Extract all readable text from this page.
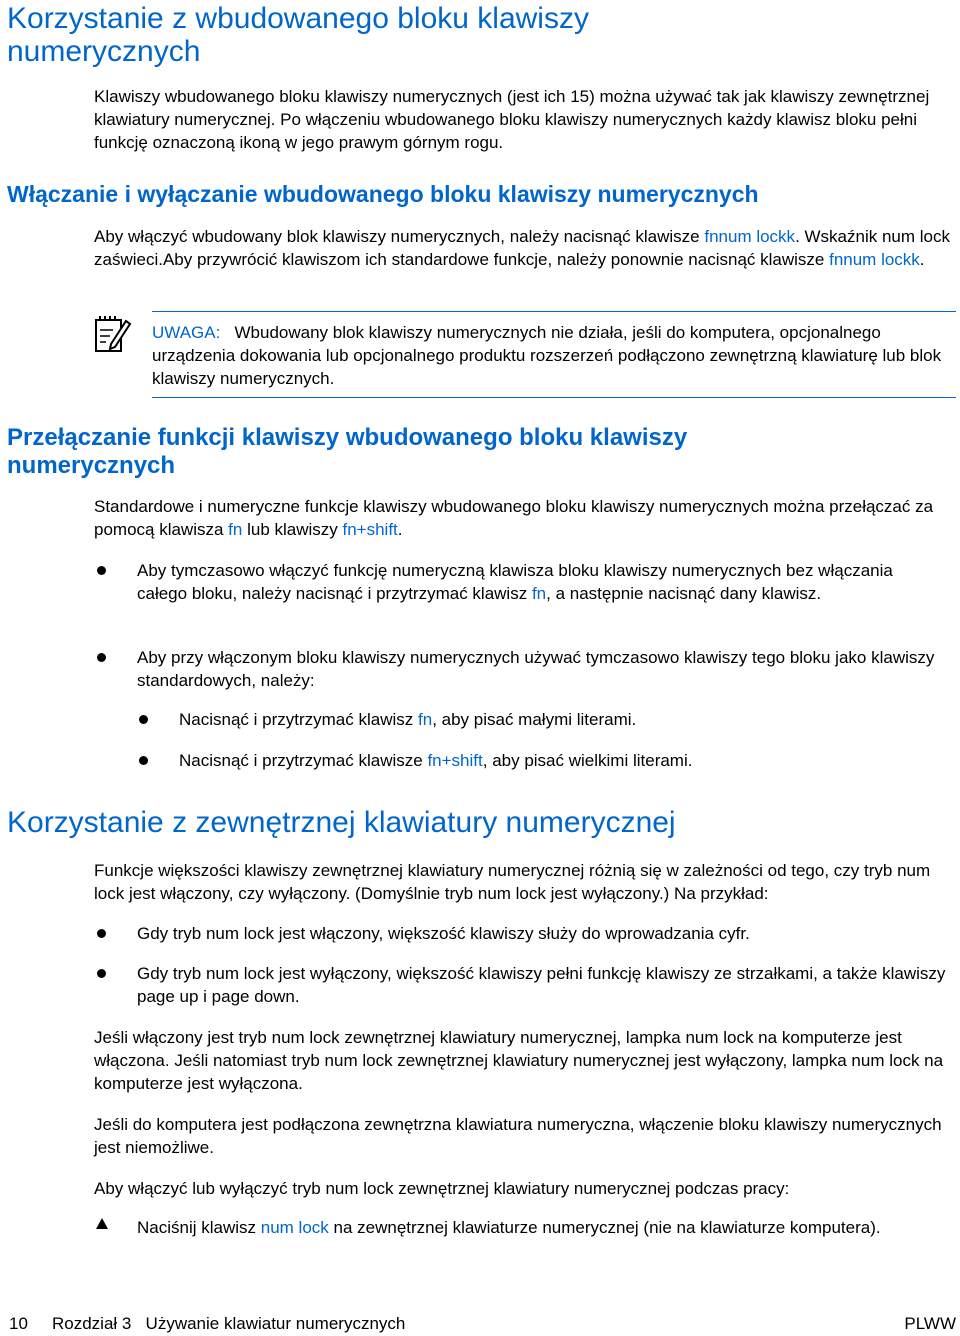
Korzystanie z wbudowanego bloku klawiszy
numerycznych

Klawiszy wbudowanego bloku klawiszy numerycznych (jest ich 15) można używać tak jak klawiszy zewnętrznej klawiatury numerycznej. Po włączeniu wbudowanego bloku klawiszy numerycznych każdy klawisz bloku pełni funkcję oznaczoną ikoną w jego prawym górnym rogu.

Włączanie i wyłączanie wbudowanego bloku klawiszy numerycznych

Aby włączyć wbudowany blok klawiszy numerycznych, należy nacisnąć klawisze fnnum lockk. Wskaźnik num lock zaświeci.Aby przywrócić klawiszom ich standardowe funkcje, należy ponownie nacisnąć klawisze fnnum lockk.

UWAGA: Wbudowany blok klawiszy numerycznych nie działa, jeśli do komputera, opcjonalnego urządzenia dokowania lub opcjonalnego produktu rozszerzeń podłączono zewnętrzną klawiaturę lub blok klawiszy numerycznych.

Przełączanie funkcji klawiszy wbudowanego bloku klawiszy
numerycznych

Standardowe i numeryczne funkcje klawiszy wbudowanego bloku klawiszy numerycznych można przełączać za pomocą klawisza fn lub klawiszy fn+shift.

Aby tymczasowo włączyć funkcję numeryczną klawisza bloku klawiszy numerycznych bez włączania całego bloku, należy nacisnąć i przytrzymać klawisz fn, a następnie nacisnąć dany klawisz.

Aby przy włączonym bloku klawiszy numerycznych używać tymczasowo klawiszy tego bloku jako klawiszy standardowych, należy:

Nacisnąć i przytrzymać klawisz fn, aby pisać małymi literami.

Nacisnąć i przytrzymać klawisze fn+shift, aby pisać wielkimi literami.

Korzystanie z zewnętrznej klawiatury numerycznej

Funkcje większości klawiszy zewnętrznej klawiatury numerycznej różnią się w zależności od tego, czy tryb num lock jest włączony, czy wyłączony. (Domyślnie tryb num lock jest wyłączony.) Na przykład:

Gdy tryb num lock jest włączony, większość klawiszy służy do wprowadzania cyfr.

Gdy tryb num lock jest wyłączony, większość klawiszy pełni funkcję klawiszy ze strzałkami, a także klawiszy page up i page down.

Jeśli włączony jest tryb num lock zewnętrznej klawiatury numerycznej, lampka num lock na komputerze jest włączona. Jeśli natomiast tryb num lock zewnętrznej klawiatury numerycznej jest wyłączony, lampka num lock na komputerze jest wyłączona.

Jeśli do komputera jest podłączona zewnętrzna klawiatura numeryczna, włączenie bloku klawiszy numerycznych jest niemożliwe.

Aby włączyć lub wyłączyć tryb num lock zewnętrznej klawiatury numerycznej podczas pracy:

Naciśnij klawisz num lock na zewnętrznej klawiaturze numerycznej (nie na klawiaturze komputera).

10 Rozdział 3   Używanie klawiatur numerycznych	PLWW
